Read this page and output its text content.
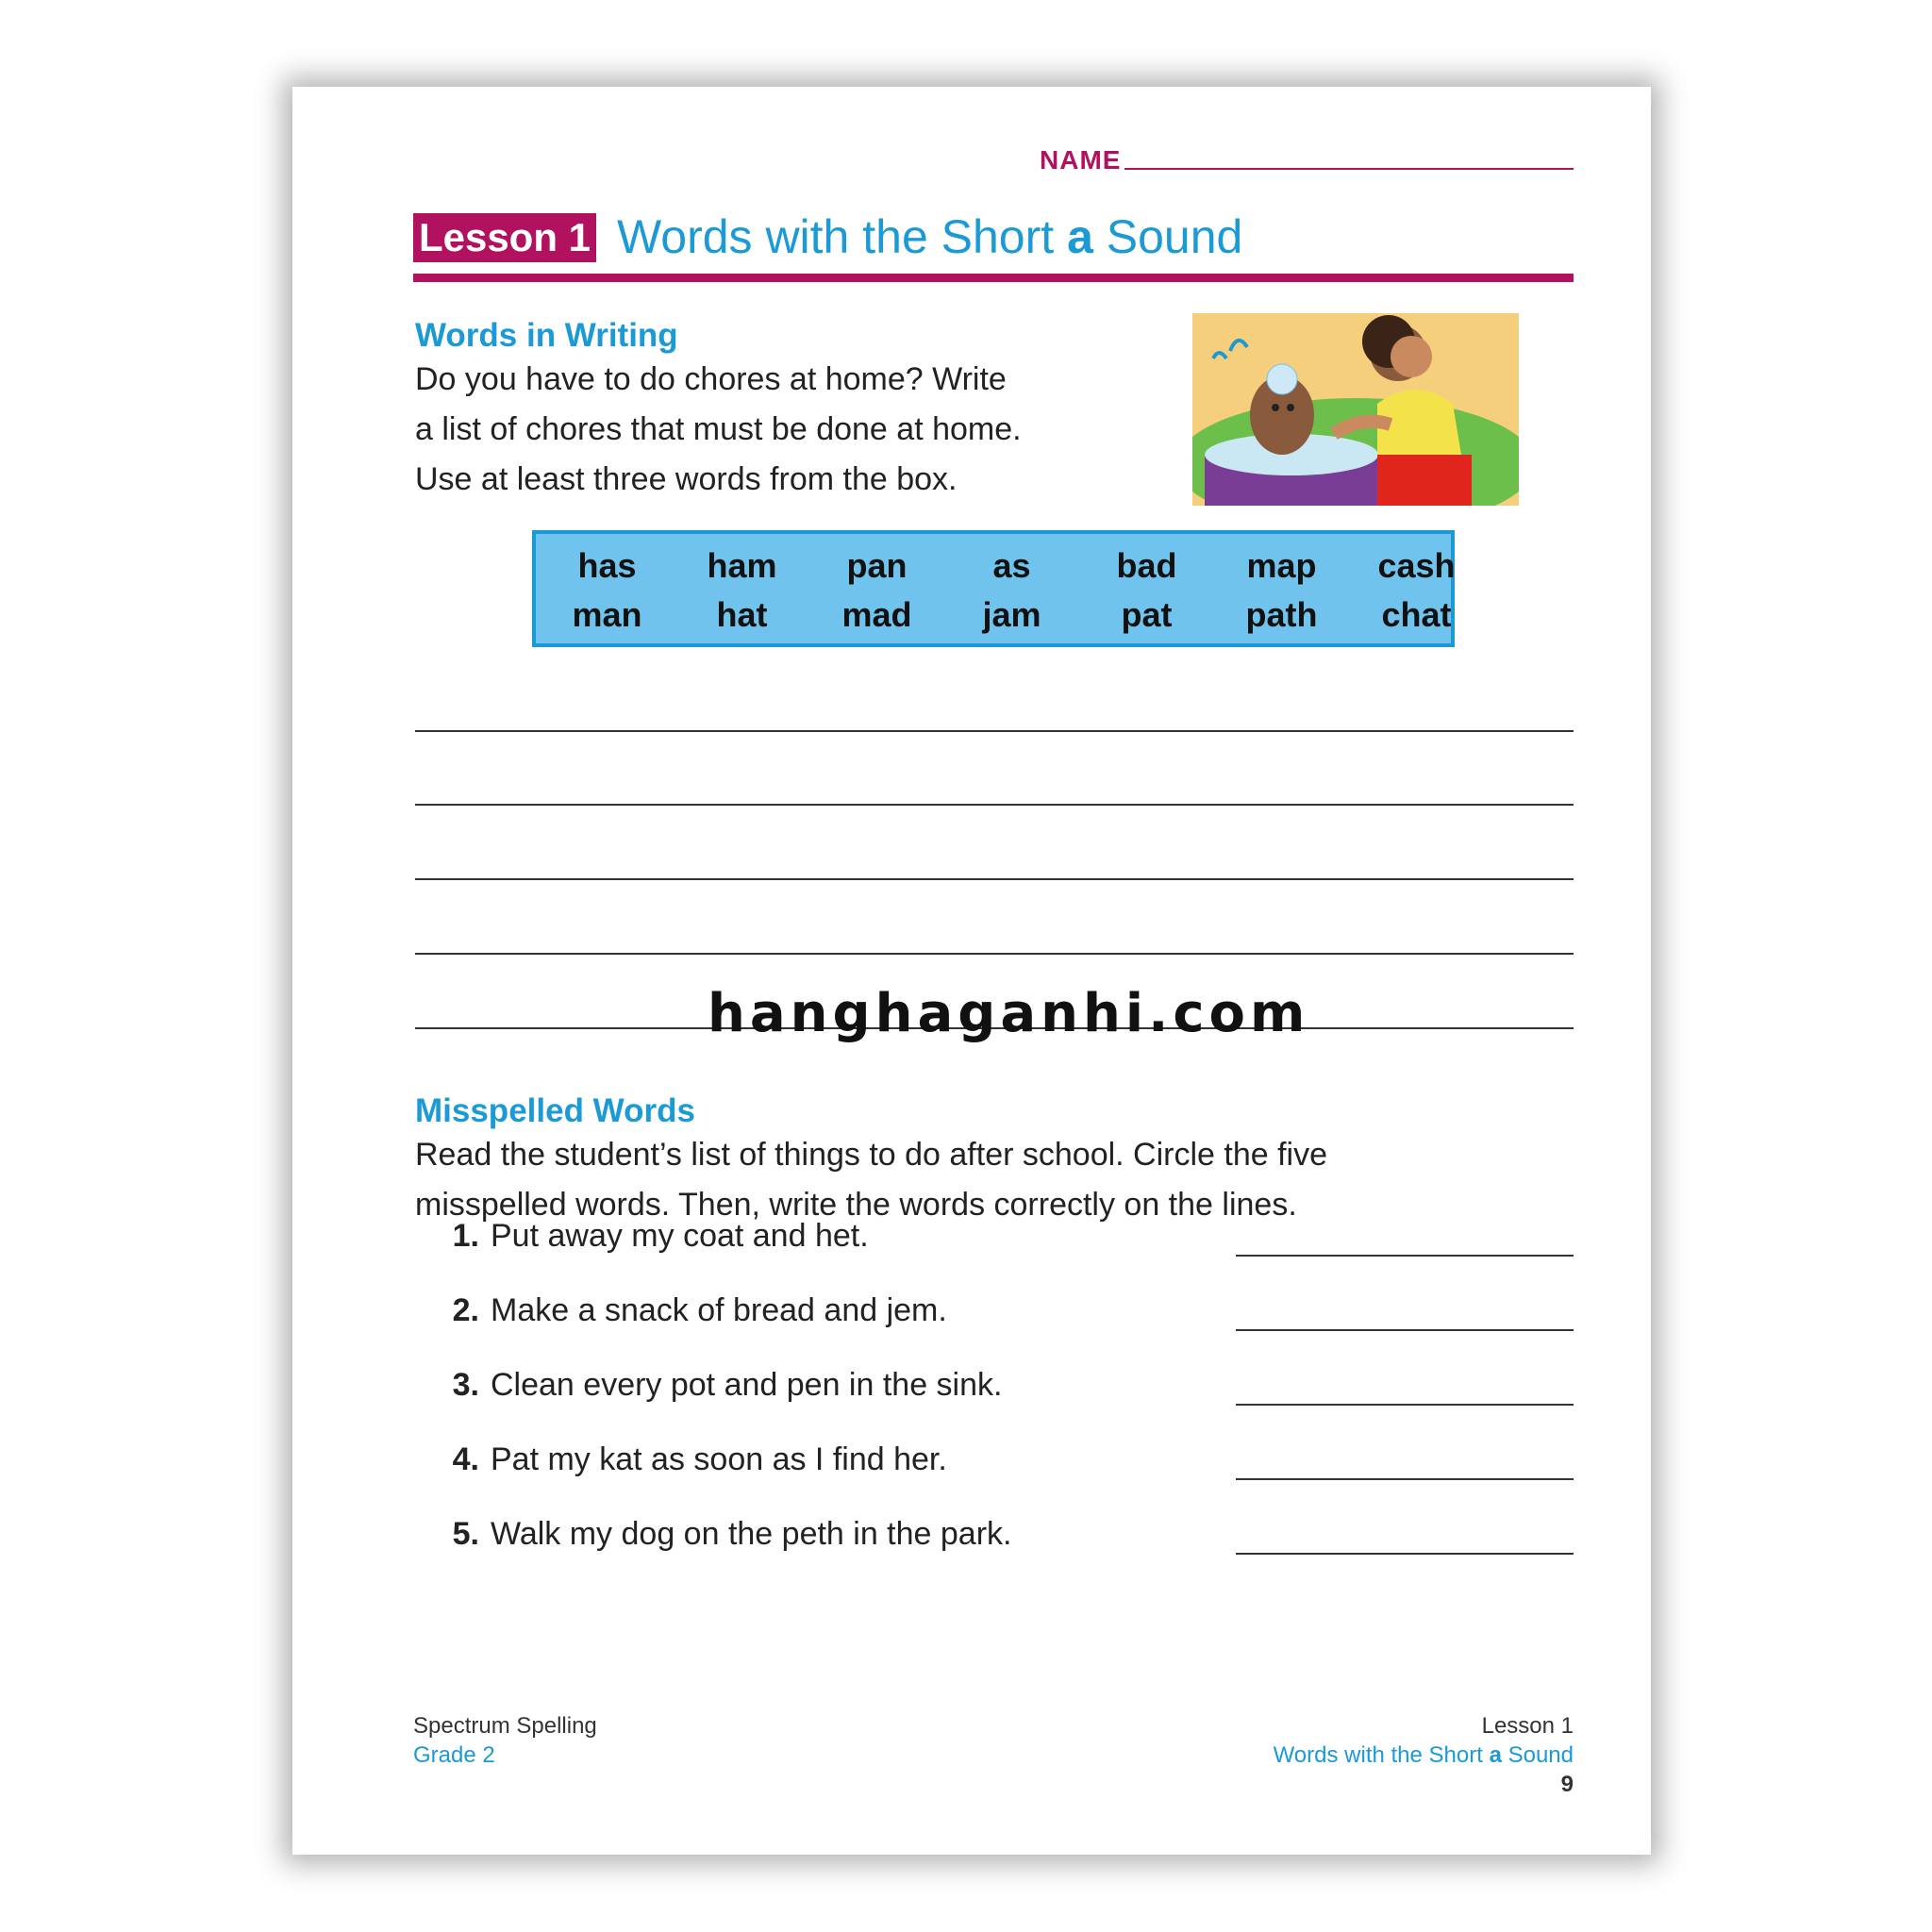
NAME
Lesson 1 Words with the Short a Sound
Words in Writing
Do you have to do chores at home? Write
a list of chores that must be done at home.
Use at least three words from the box.
has	ham	pan	as	bad	map	cash
man	hat	mad	jam	pat	path	chat
hanghaganhi.com
Misspelled Words
Read the student’s list of things to do after school. Circle the five
misspelled words. Then, write the words correctly on the lines.
1. Put away my coat and het.
2. Make a snack of bread and jem.
3. Clean every pot and pen in the sink.
4. Pat my kat as soon as I find her.
5. Walk my dog on the peth in the park.
Spectrum Spelling
Grade 2
Lesson 1
Words with the Short a Sound
9
